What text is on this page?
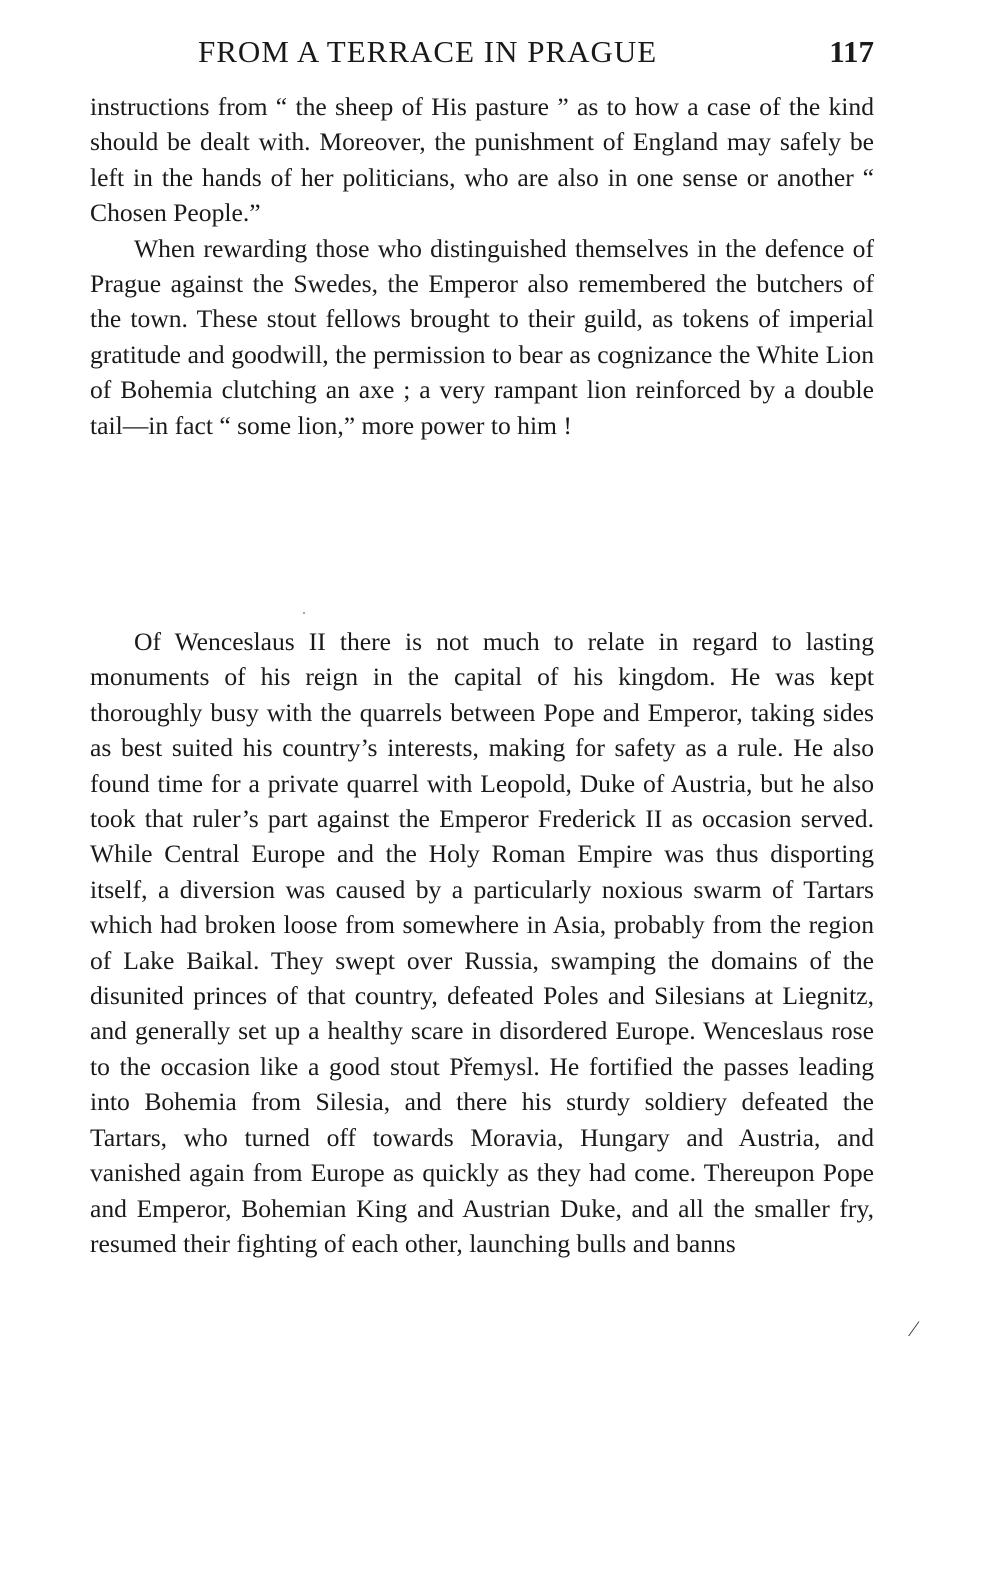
FROM A TERRACE IN PRAGUE	117

instructions from “ the sheep of His pasture ” as to how a case of the kind should be dealt with. Moreover, the punishment of England may safely be left in the hands of her politicians, who are also in one sense or another “ Chosen People.”

When rewarding those who distinguished themselves in the defence of Prague against the Swedes, the Emperor also remembered the butchers of the town. These stout fellows brought to their guild, as tokens of imperial gratitude and goodwill, the permission to bear as cognizance the White Lion of Bohemia clutching an axe ; a very rampant lion reinforced by a double tail—in fact “ some lion,” more power to him !

Of Wenceslaus II there is not much to relate in regard to lasting monuments of his reign in the capital of his kingdom. He was kept thoroughly busy with the quarrels between Pope and Emperor, taking sides as best suited his country’s interests, making for safety as a rule. He also found time for a private quarrel with Leopold, Duke of Austria, but he also took that ruler’s part against the Emperor Frederick II as occasion served. While Central Europe and the Holy Roman Empire was thus disporting itself, a diversion was caused by a particularly noxious swarm of Tartars which had broken loose from somewhere in Asia, probably from the region of Lake Baikal. They swept over Russia, swamping the domains of the disunited princes of that country, defeated Poles and Silesians at Liegnitz, and generally set up a healthy scare in disordered Europe. Wenceslaus rose to the occasion like a good stout Přemysl. He fortified the passes leading into Bohemia from Silesia, and there his sturdy soldiery defeated the Tartars, who turned off towards Moravia, Hungary and Austria, and vanished again from Europe as quickly as they had come. Thereupon Pope and Emperor, Bohemian King and Austrian Duke, and all the smaller fry, resumed their fighting of each other, launching bulls and banns

⁄
